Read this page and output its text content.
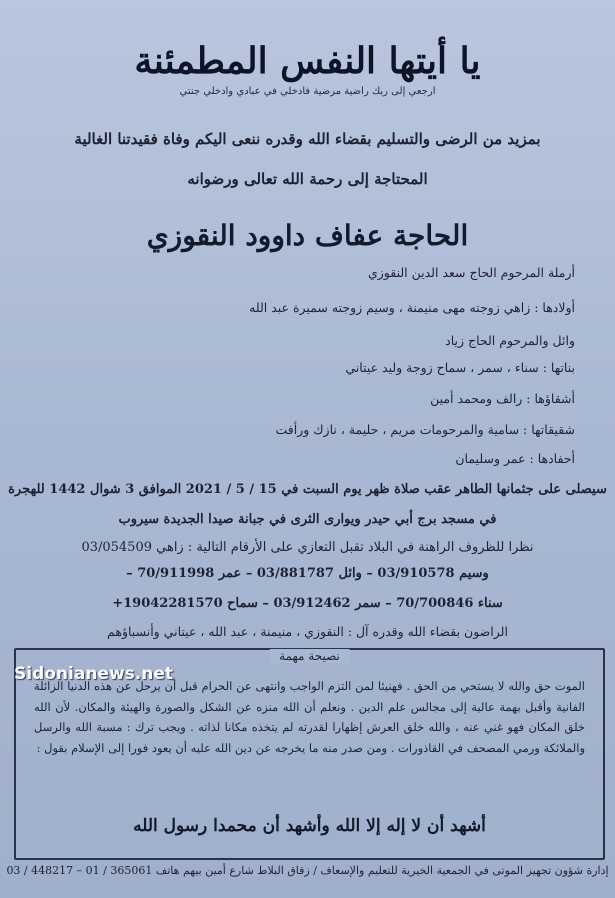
يا أيتها النفس المطمئنة
ارجعي إلى ربك راضية مرضية فادخلي في عبادي وادخلي جنتي
بمزيد من الرضى والتسليم بقضاء الله وقدره ننعى اليكم وفاة فقيدتنا الغالية
المحتاجة إلى رحمة الله تعالى ورضوانه
الحاجة عفاف داوود النقوزي
أرملة المرحوم الحاج سعد الدين النقوزي
أولادها : زاهي زوجته مهى منيمنة ، وسيم زوجته سميرة عبد الله
وائل والمرحوم الحاج زياد
بناتها : سناء ، سمر ، سماح زوجة وليد عيتاني
أشقاؤها : رالف ومحمد أمين
شقيقاتها : سامية والمرحومات مريم ، حليمة ، نازك ورأفت
أحفادها : عمر وسليمان
سيصلى على جثمانها الطاهر عقب صلاة ظهر يوم السبت في 15 / 5 / 2021 الموافق 3 شوال 1442 للهجرة
في مسجد برج أبي حيدر ويوارى الثرى في جبانة صيدا الجديدة سيروب
نظرا للظروف الراهنة في البلاد تقبل التعازي على الأرقام التالية : زاهي 03/054509
وسيم 03/910578 – وائل 03/881787 – عمر 70/911998 –
سناء 70/700846 – سمر 03/912462 – سماح 19042281570+
الراضون بقضاء الله وقدره آل : النقوزي ، منيمنة ، عبد الله ، عيتاني وأنسباؤهم
نصيحة مهمة
الموت حق والله لا يستحي من الحق . فهنيئا لمن التزم الواجب وانتهى عن الحرام قبل أن يرحل عن هذه الدنيا الزائلة الفانية وأقبل بهمة عالية إلى مجالس علم الدين . ونعلم أن الله منزه عن الشكل والصورة والهيئة والمكان. لأن الله خلق المكان فهو غني عنه ، والله خلق العرش إظهارا لقدرته لم يتخذه مكانا لذاته . ويجب ترك : مسبة الله والرسل والملائكة ورمي المصحف في القاذورات . ومن صدر منه ما يخرجه عن دين الله عليه أن يعود فورا إلى الإسلام بقول :
أشهد أن لا إله إلا الله وأشهد أن محمدا رسول الله
Sidonianews.net
إدارة شؤون تجهيز الموتى في الجمعية الخيرية للتعليم والإسعاف / زقاق البلاط شارع أمين بيهم هاتف 365061 / 01 – 448217 / 03
